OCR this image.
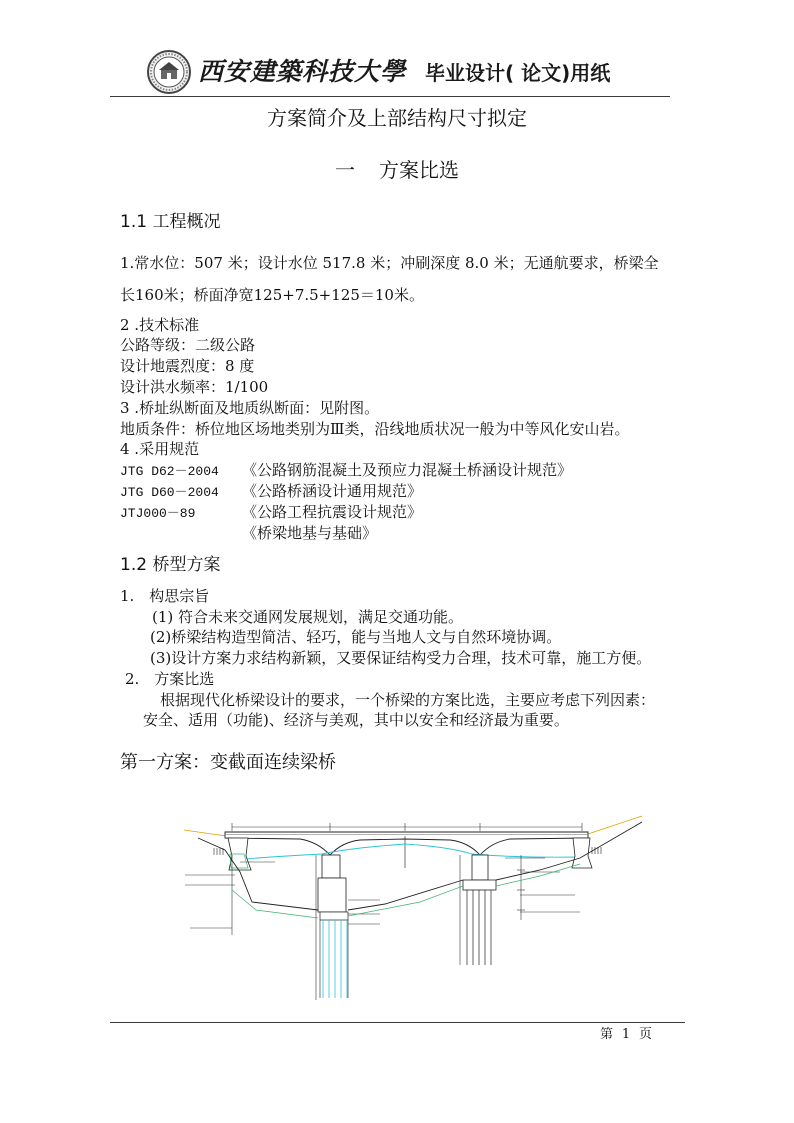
西安建築科技大學 毕业设计( 论文)用纸
方案简介及上部结构尺寸拟定
一 方案比选
1.1 工程概况
1.常水位：507 米；设计水位 517.8 米；冲刷深度 8.0 米；无通航要求，桥梁全
长160米；桥面净宽125+7.5+125＝10米。
2 .技术标准
公路等级：二级公路
设计地震烈度：8 度
设计洪水频率：1/100
3 .桥址纵断面及地质纵断面：见附图。
地质条件：桥位地区场地类别为Ⅲ类，沿线地质状况一般为中等风化安山岩。
4 .采用规范
JTG D62－2004 《公路钢筋混凝土及预应力混凝土桥涵设计规范》
JTG D60－2004 《公路桥涵设计通用规范》
JTJ000－89	《公路工程抗震设计规范》
《桥梁地基与基础》
1.2 桥型方案
1.　构思宗旨
(1) 符合未来交通网发展规划，满足交通功能。
(2)桥梁结构造型简洁、轻巧，能与当地人文与自然环境协调。
(3)设计方案力求结构新颖，又要保证结构受力合理，技术可靠，施工方便。
2.　方案比选
根据现代化桥梁设计的要求，一个桥梁的方案比选，主要应考虑下列因素：
安全、适用（功能)、经济与美观，其中以安全和经济最为重要。
第一方案：变截面连续梁桥
第 1 页
